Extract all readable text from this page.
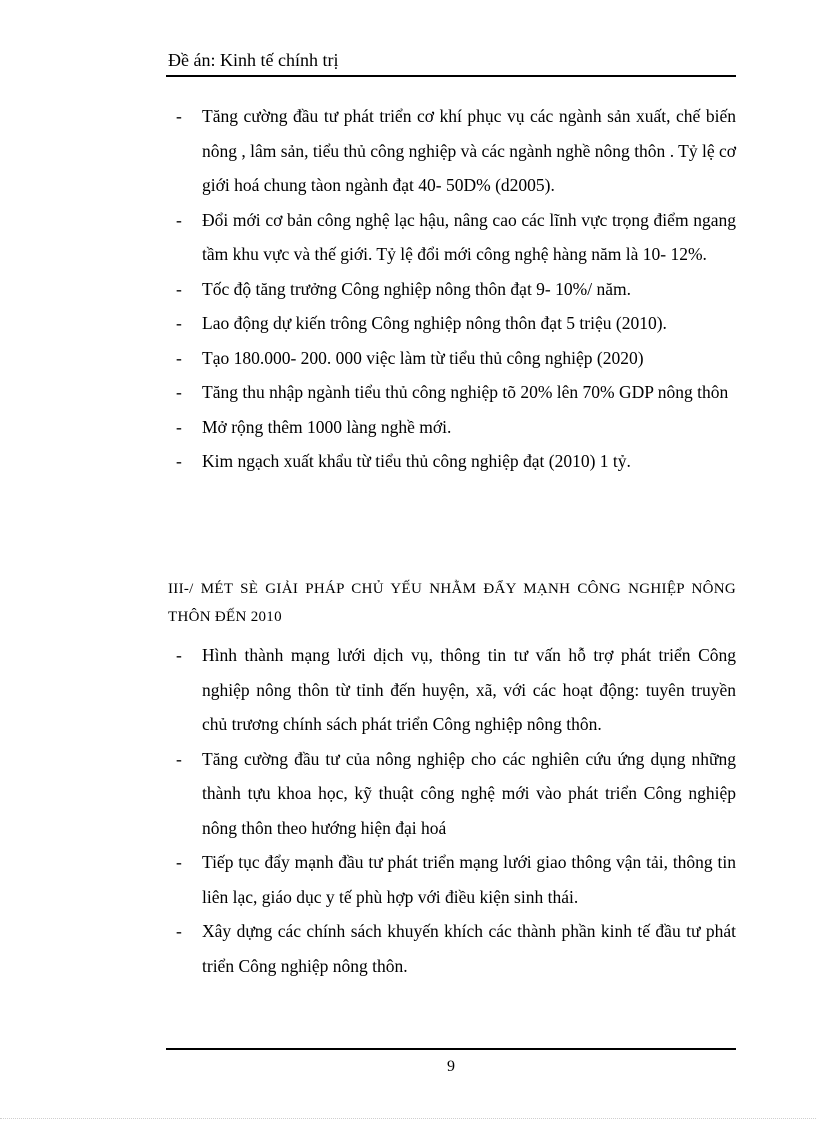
Đề án: Kinh tế chính trị
- Tăng cường đầu tư phát triển cơ khí phục vụ các ngành sản xuất, chế biến nông , lâm sản, tiểu thủ công nghiệp và các ngành nghề nông thôn . Tỷ lệ cơ giới hoá chung tàon ngành đạt 40- 50D% (d2005).
- Đổi mới cơ bản công nghệ lạc hậu, nâng cao các lĩnh vực trọng điểm ngang tầm khu vực và thế giới. Tỷ lệ đổi mới công nghệ hàng năm là 10- 12%.
- Tốc độ tăng trưởng Công nghiệp nông thôn đạt 9- 10%/ năm.
- Lao động dự kiến trông Công nghiệp nông thôn đạt 5 triệu (2010).
- Tạo 180.000- 200. 000 việc làm từ tiểu thủ công nghiệp (2020)
- Tăng thu nhập ngành tiểu thủ công nghiệp tõ 20% lên 70% GDP nông thôn
- Mở rộng thêm 1000 làng nghề mới.
- Kim ngạch xuất khẩu từ tiểu thủ công nghiệp đạt (2010) 1 tỷ.
III-/ MÉT SÈ GIẢI PHÁP CHỦ YẾU NHẰM ĐẨY MẠNH CÔNG NGHIỆP NÔNG THÔN ĐẾN 2010
- Hình thành mạng lưới dịch vụ, thông tin tư vấn hỗ trợ phát triển Công nghiệp nông thôn từ tỉnh đến huyện, xã, với các hoạt động: tuyên truyền chủ trương chính sách phát triển Công nghiệp nông thôn.
- Tăng cường đầu tư của nông nghiệp cho các nghiên cứu ứng dụng những thành tựu khoa học, kỹ thuật công nghệ mới vào phát triển Công nghiệp nông thôn theo hướng hiện đại hoá
- Tiếp tục đẩy mạnh đầu tư phát triển mạng lưới giao thông vận tải, thông tin liên lạc, giáo dục y tế phù hợp với điều kiện sinh thái.
- Xây dựng các chính sách khuyến khích các thành phần kinh tế đầu tư phát triển Công nghiệp nông thôn.
9
